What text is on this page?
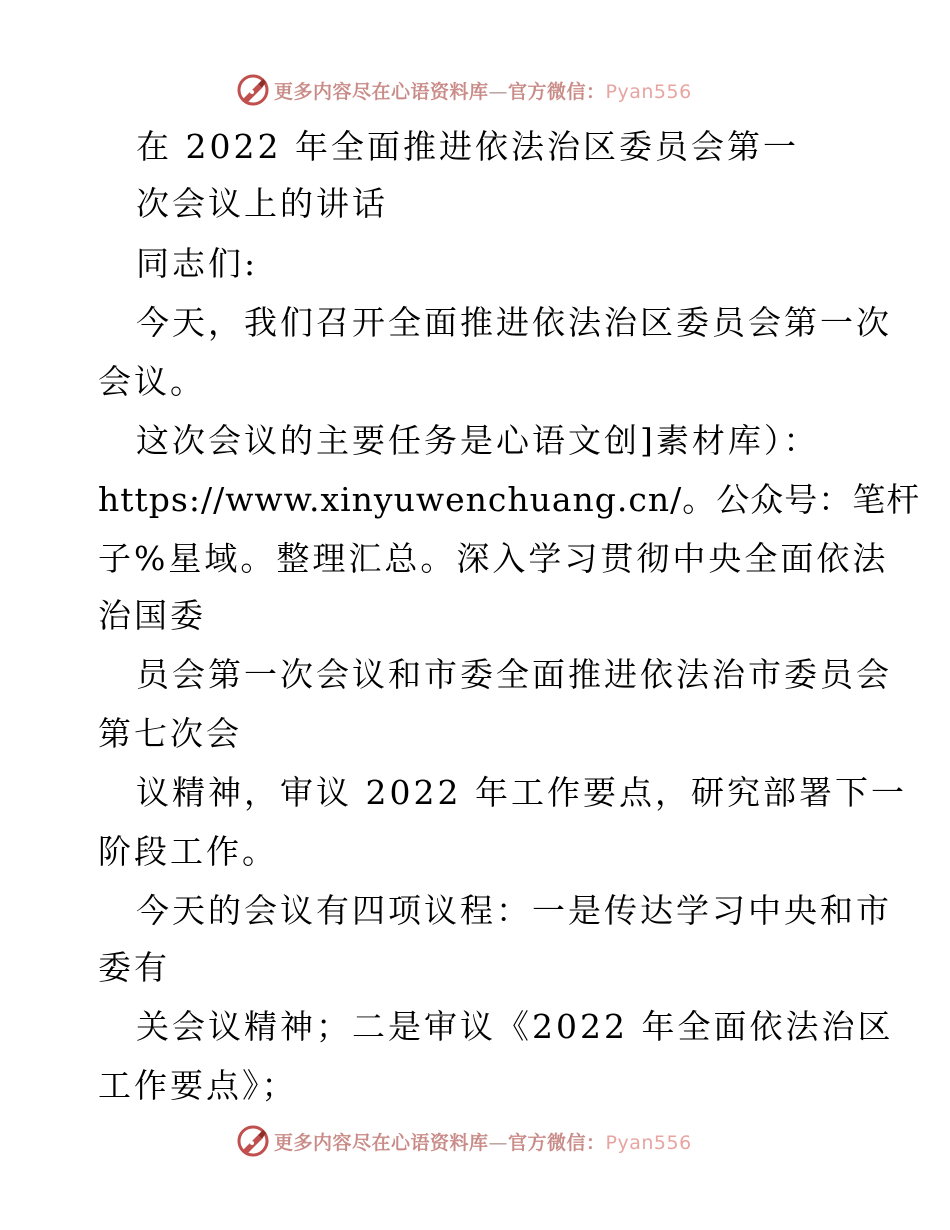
更多内容尽在心语资料库—官方微信：Pyan556
在 2022 年全面推进依法治区委员会第一
次会议上的讲话
同志们:
今天，我们召开全面推进依法治区委员会第一次
会议。
这次会议的主要任务是心语文创]素材库）：
https://www.xinyuwenchuang.cn/。公众号：笔杆
子%星域。整理汇总。深入学习贯彻中央全面依法
治国委
员会第一次会议和市委全面推进依法治市委员会
第七次会
议精神，审议 2022 年工作要点，研究部署下一
阶段工作。
今天的会议有四项议程：一是传达学习中央和市
委有
关会议精神；二是审议《2022 年全面依法治区
工作要点》；
更多内容尽在心语资料库—官方微信：Pyan556
